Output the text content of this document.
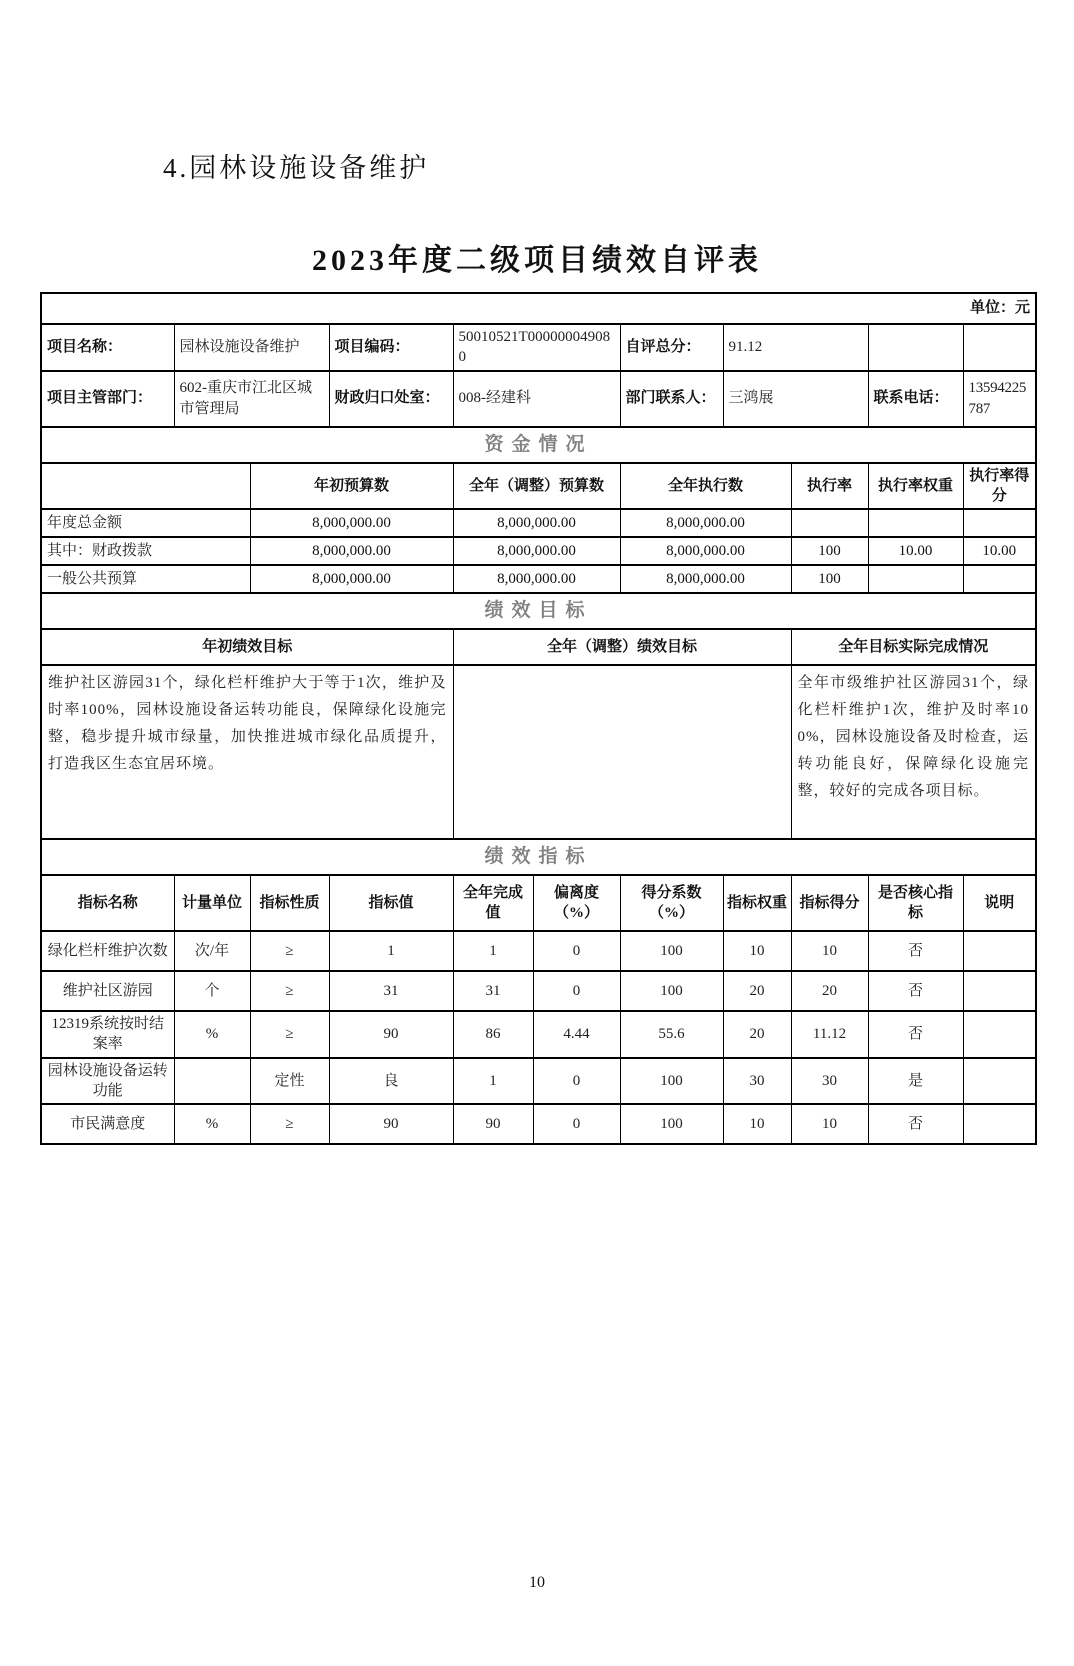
4.园林设施设备维护
2023年度二级项目绩效自评表
单位：元										
项目名称：	园林设施设备维护		项目编码：	50010521T000000049080		自评总分：	91.12			
项目主管部门：	602-重庆市江北区城市管理局		财政归口处室：	008-经建科		部门联系人：	三鸿展		联系电话：	13594225787
资金情况										
		年初预算数		全年（调整）预算数		全年执行数		执行率	执行率权重	执行率得分
年度总金额		8,000,000.00		8,000,000.00		8,000,000.00				
其中：财政拨款		8,000,000.00		8,000,000.00		8,000,000.00		100	10.00	10.00
一般公共预算		8,000,000.00		8,000,000.00		8,000,000.00		100		
绩效目标										
年初绩效目标				全年（调整）绩效目标				全年目标实际完成情况		
维护社区游园31个，绿化栏杆维护大于等于1次，维护及时率100%，园林设施设备运转功能良，保障绿化设施完整，稳步提升城市绿量，加快推进城市绿化品质提升，打造我区生态宜居环境。								全年市级维护社区游园31个，绿化栏杆维护1次，维护及时率100%，园林设施设备及时检查，运转功能良好，保障绿化设施完整，较好的完成各项目标。		
绩效指标										
指标名称	计量单位	指标性质	指标值	全年完成值	偏离度（%）	得分系数（%）	指标权重	指标得分	是否核心指标	说明
绿化栏杆维护次数	次/年	≥	1	1	0	100	10	10	否	
维护社区游园	个	≥	31	31	0	100	20	20	否	
12319系统按时结案率	%	≥	90	86	4.44	55.6	20	11.12	否	
园林设施设备运转功能		定性	良	1	0	100	30	30	是	
市民满意度	%	≥	90	90	0	100	10	10	否	
10
